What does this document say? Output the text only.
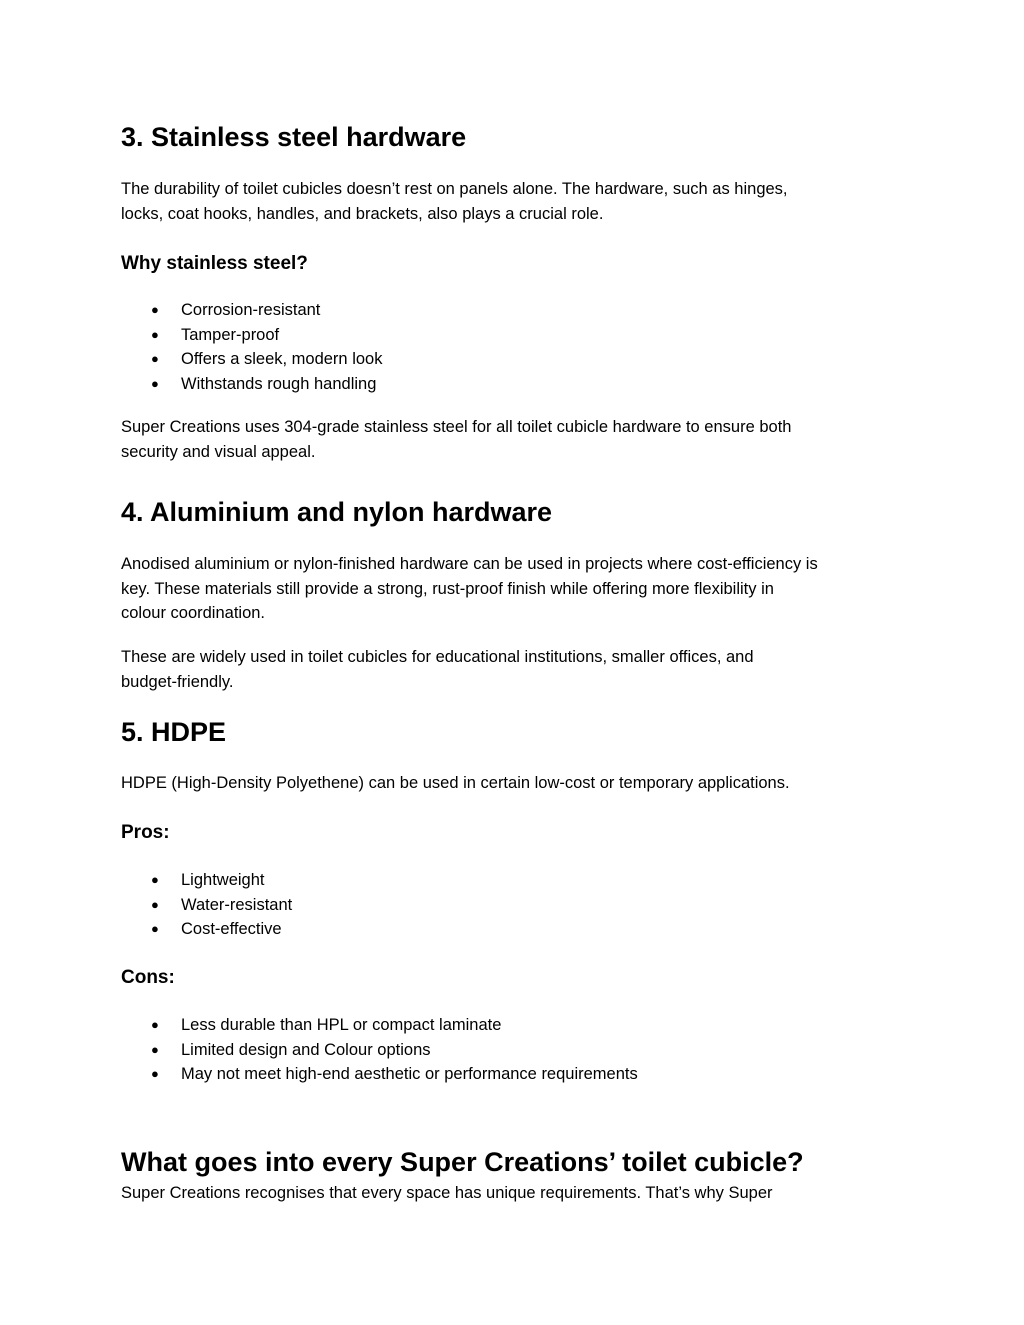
3. Stainless steel hardware

The durability of toilet cubicles doesn’t rest on panels alone. The hardware, such as hinges,
locks, coat hooks, handles, and brackets, also plays a crucial role.

Why stainless steel?
● Corrosion-resistant
● Tamper-proof
● Offers a sleek, modern look
● Withstands rough handling

Super Creations uses 304-grade stainless steel for all toilet cubicle hardware to ensure both
security and visual appeal.

4. Aluminium and nylon hardware

Anodised aluminium or nylon-finished hardware can be used in projects where cost-efficiency is
key. These materials still provide a strong, rust-proof finish while offering more flexibility in
colour coordination.

These are widely used in toilet cubicles for educational institutions, smaller offices, and
budget-friendly.

5. HDPE

HDPE (High-Density Polyethene) can be used in certain low-cost or temporary applications.

Pros:
● Lightweight
● Water-resistant
● Cost-effective
Cons:
● Less durable than HPL or compact laminate
● Limited design and Colour options
● May not meet high-end aesthetic or performance requirements
What goes into every Super Creations’ toilet cubicle?

Super Creations recognises that every space has unique requirements. That’s why Super
